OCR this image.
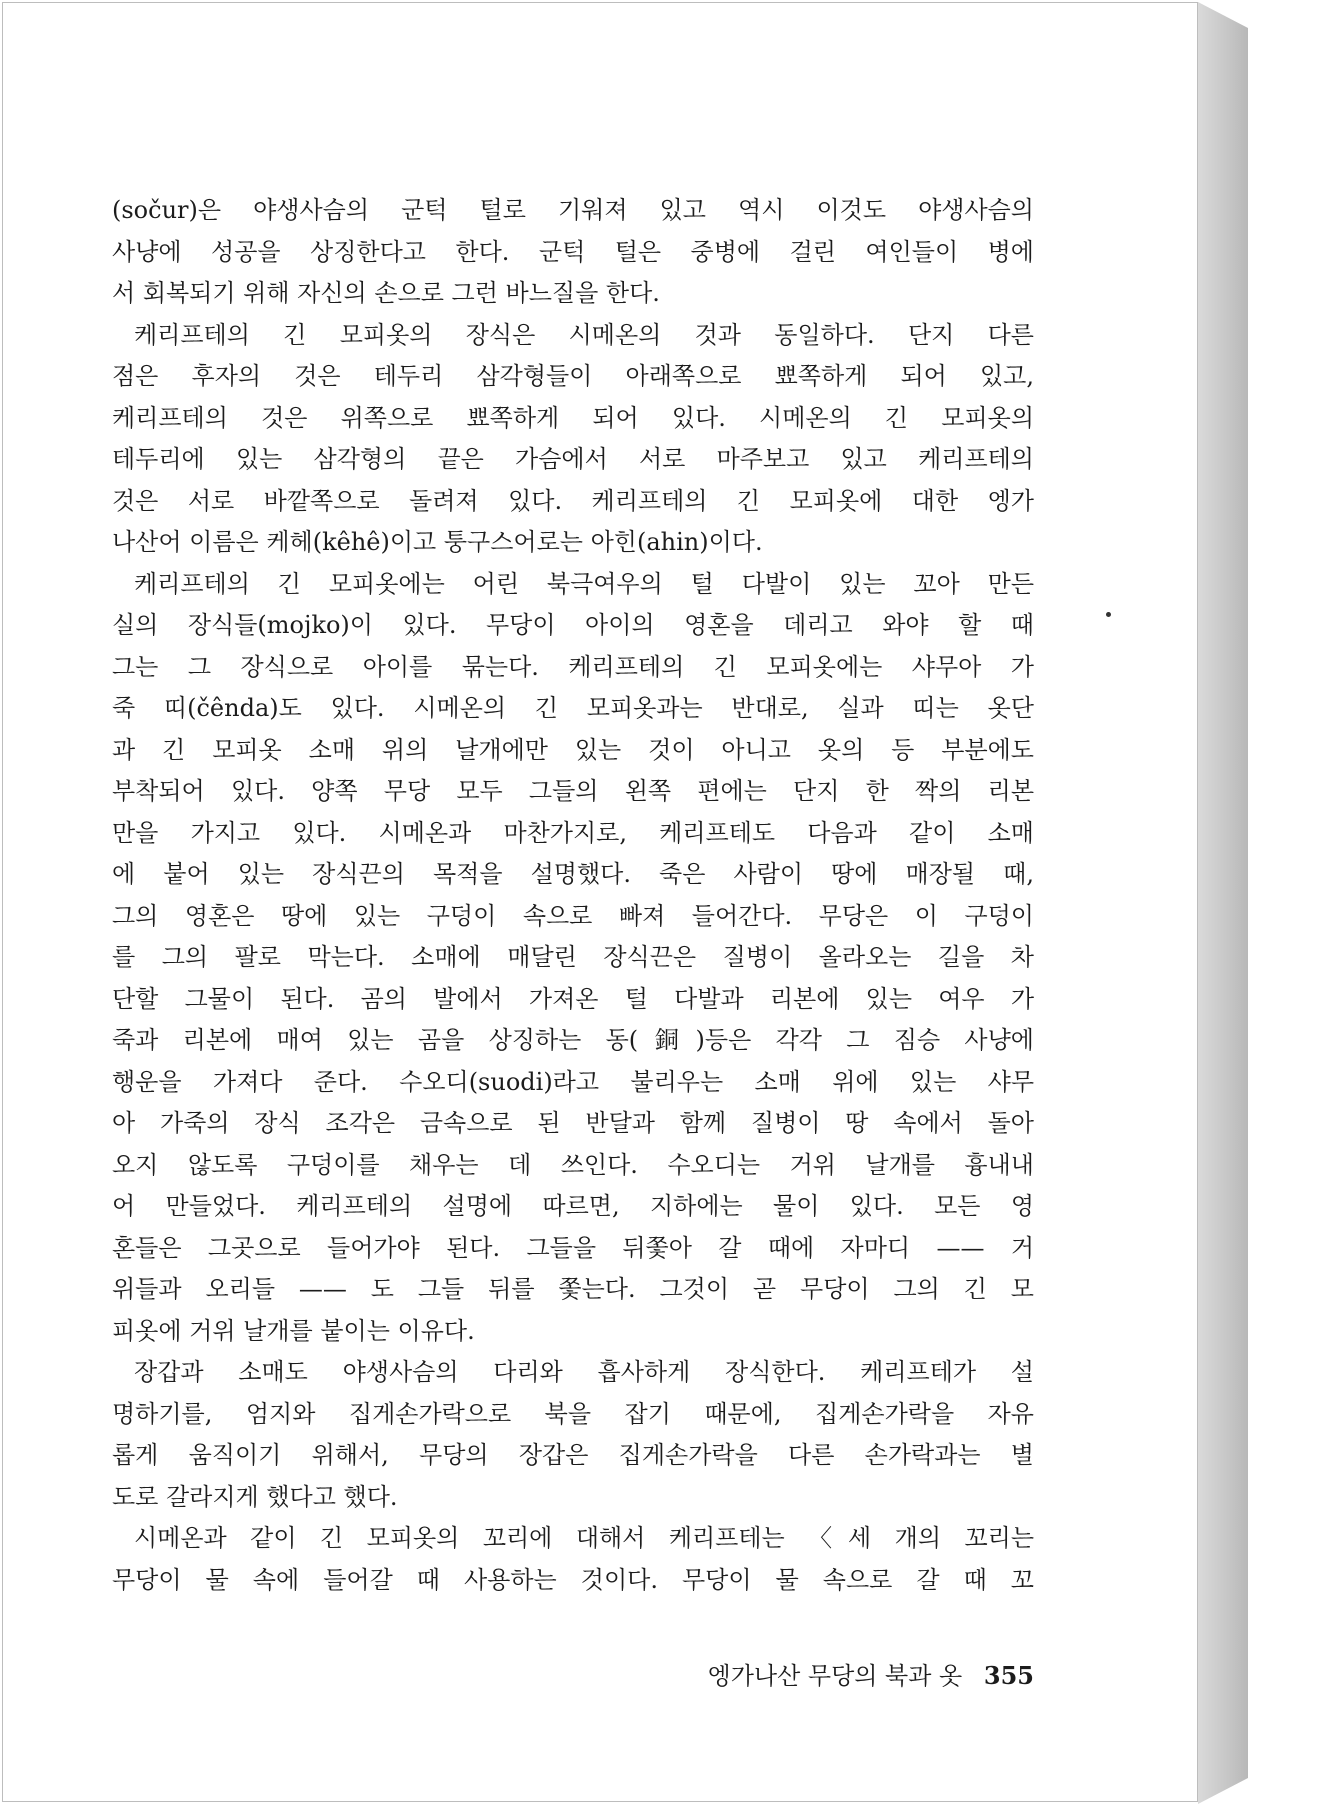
(sočur)은 야생사슴의 군턱 털로 기워져 있고 역시 이것도 야생사슴의
사냥에 성공을 상징한다고 한다. 군턱 털은 중병에 걸린 여인들이 병에
서 회복되기 위해 자신의 손으로 그런 바느질을 한다.
케리프테의 긴 모피옷의 장식은 시메온의 것과 동일하다. 단지 다른
점은 후자의 것은 테두리 삼각형들이 아래쪽으로 뾰쪽하게 되어 있고,
케리프테의 것은 위쪽으로 뾰쪽하게 되어 있다. 시메온의 긴 모피옷의
테두리에 있는 삼각형의 끝은 가슴에서 서로 마주보고 있고 케리프테의
것은 서로 바깥쪽으로 돌려져 있다. 케리프테의 긴 모피옷에 대한 엥가
나산어 이름은 케헤(kêhê)이고 퉁구스어로는 아힌(ahin)이다.
케리프테의 긴 모피옷에는 어린 북극여우의 털 다발이 있는 꼬아 만든
실의 장식들(mojko)이 있다. 무당이 아이의 영혼을 데리고 와야 할 때
그는 그 장식으로 아이를 묶는다. 케리프테의 긴 모피옷에는 샤무아 가
죽 띠(čênda)도 있다. 시메온의 긴 모피옷과는 반대로, 실과 띠는 옷단
과 긴 모피옷 소매 위의 날개에만 있는 것이 아니고 옷의 등 부분에도
부착되어 있다. 양쪽 무당 모두 그들의 왼쪽 편에는 단지 한 짝의 리본
만을 가지고 있다. 시메온과 마찬가지로, 케리프테도 다음과 같이 소매
에 붙어 있는 장식끈의 목적을 설명했다. 죽은 사람이 땅에 매장될 때,
그의 영혼은 땅에 있는 구덩이 속으로 빠져 들어간다. 무당은 이 구덩이
를 그의 팔로 막는다. 소매에 매달린 장식끈은 질병이 올라오는 길을 차
단할 그물이 된다. 곰의 발에서 가져온 털 다발과 리본에 있는 여우 가
죽과 리본에 매여 있는 곰을 상징하는 동(銅)등은 각각 그 짐승 사냥에
행운을 가져다 준다. 수오디(suodi)라고 불리우는 소매 위에 있는 샤무
아 가죽의 장식 조각은 금속으로 된 반달과 함께 질병이 땅 속에서 돌아
오지 않도록 구덩이를 채우는 데 쓰인다. 수오디는 거위 날개를 흉내내
어 만들었다. 케리프테의 설명에 따르면, 지하에는 물이 있다. 모든 영
혼들은 그곳으로 들어가야 된다. 그들을 뒤쫓아 갈 때에 자마디 —— 거
위들과 오리들 —— 도 그들 뒤를 쫓는다. 그것이 곧 무당이 그의 긴 모
피옷에 거위 날개를 붙이는 이유다.
장갑과 소매도 야생사슴의 다리와 흡사하게 장식한다. 케리프테가 설
명하기를, 엄지와 집게손가락으로 북을 잡기 때문에, 집게손가락을 자유
롭게 움직이기 위해서, 무당의 장갑은 집게손가락을 다른 손가락과는 별
도로 갈라지게 했다고 했다.
시메온과 같이 긴 모피옷의 꼬리에 대해서 케리프테는 〈세 개의 꼬리는
무당이 물 속에 들어갈 때 사용하는 것이다. 무당이 물 속으로 갈 때 꼬
엥가나산 무당의 북과 옷 355
